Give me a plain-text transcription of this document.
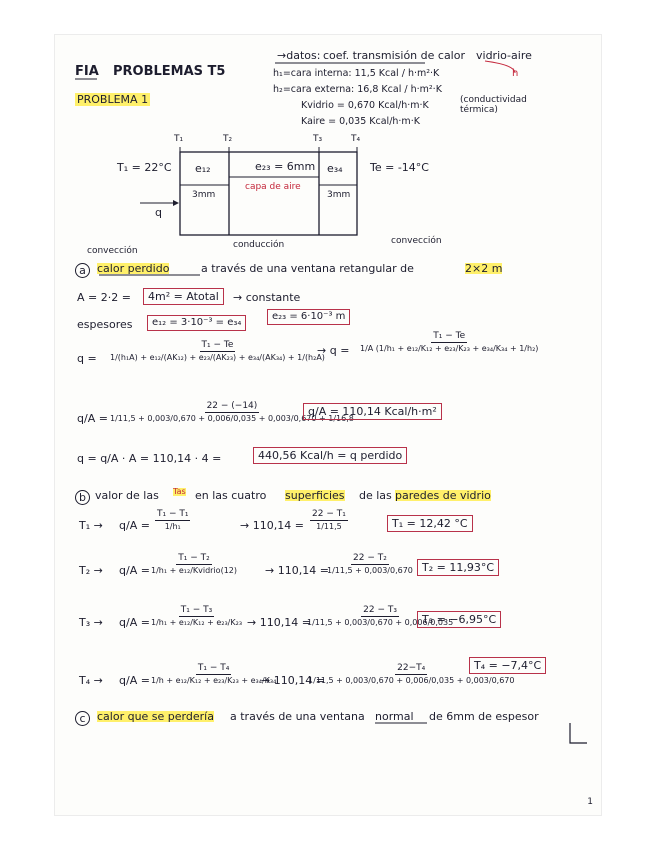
FIA PROBLEMAS T5
PROBLEMA 1
→datos: coef. transmisión de calor vidrio-aire
h
h₁=cara interna: 11,5 Kcal / h·m²·K
h₂=cara externa: 16,8 Kcal / h·m²·K
Kvidrio = 0,670 Kcal/h·m·K
Kaire = 0,035 Kcal/h·m·K
(conductividad térmica)
T₁ = 22°C	Te = -14°C
T₁	T₂	T₃	T₄
e₁₂
3mm
e₂₃ = 6mm
capa de aire
e₃₄
3mm
q
convección
conducción	convección
a	calor perdido	a través de una ventana retangular de	2×2 m
A = 2·2 =	4m² = Atotal	→ constante
espesores	e₁₂ = 3·10⁻³ = e₃₄
e₂₃ = 6·10⁻³ m
$q = \frac{\text{T₁ − Te}}{\text{1/(h₁A) + e₁₂/(AK₁₂) + e₂₃/(AK₂₃) + e₃₄/(AK₃₄) + 1/(h₂A)}}$
→ $q = \frac{\text{T₁ − Te}}{\text{1/A (1/h₁ + e₁₂/K₁₂ + e₂₃/K₂₃ + e₃₄/K₃₄ + 1/h₂)}}$
$q/A = \frac{22 - (-14)}{1/11,5 + 0,003/0,670 + 0,006/0,035 + 0,003/0,670 + 1/16,8}$
q/A = 110,14 Kcal/h·m²
q = q/A · A = 110,14 · 4 =	440,56 Kcal/h = q perdido
b valor de las Tas en las cuatro superficies de las paredes de vidrio
$T_1 \to q/A = \frac{\text{T₁ − T₁}}{\text{1/h₁}}$	→ $110,14 = \frac{\text{22 − T₁}}{1/11,5}$	T₁ = 12,42 °C
T₂ → q/A =
T₁ − T₂
1/h₁ + e₁₂/Kvidrio(12)	→ 110,14 =
$\frac{\text{22 − T₂}}{1/11,5 + 0,003/0,670} T_2 = 11,93^\circ C$
$T_3 \to q/A = \frac{\text{T₁ − T₃}}{\text{1/h₁ + e₁₂/K₁₂ + e₂₃/K₂₃}} \to 110,14$ =
$\frac{\text{22 − T₃}}{1/11,5 + 0,003/0,670 + 0,006/0,035}$
T₃ = −6,95°C
$T_4 \to q/A = \frac{\text{T₁ − T₄}}{\text{1/h + e₁₂/K₁₂ + e₂₃/K₂₃ + e₃₄/K₃₄}}$
→ 110,14 =
$\frac{\text{22−T₄}}{1/11,5 + 0,003/0,670 + 0,006/0,035 + 0,003/0,670}$
T₄ = −7,4°C
c	calor que se perdería a través de una ventana normal de 6mm de espesor
1
